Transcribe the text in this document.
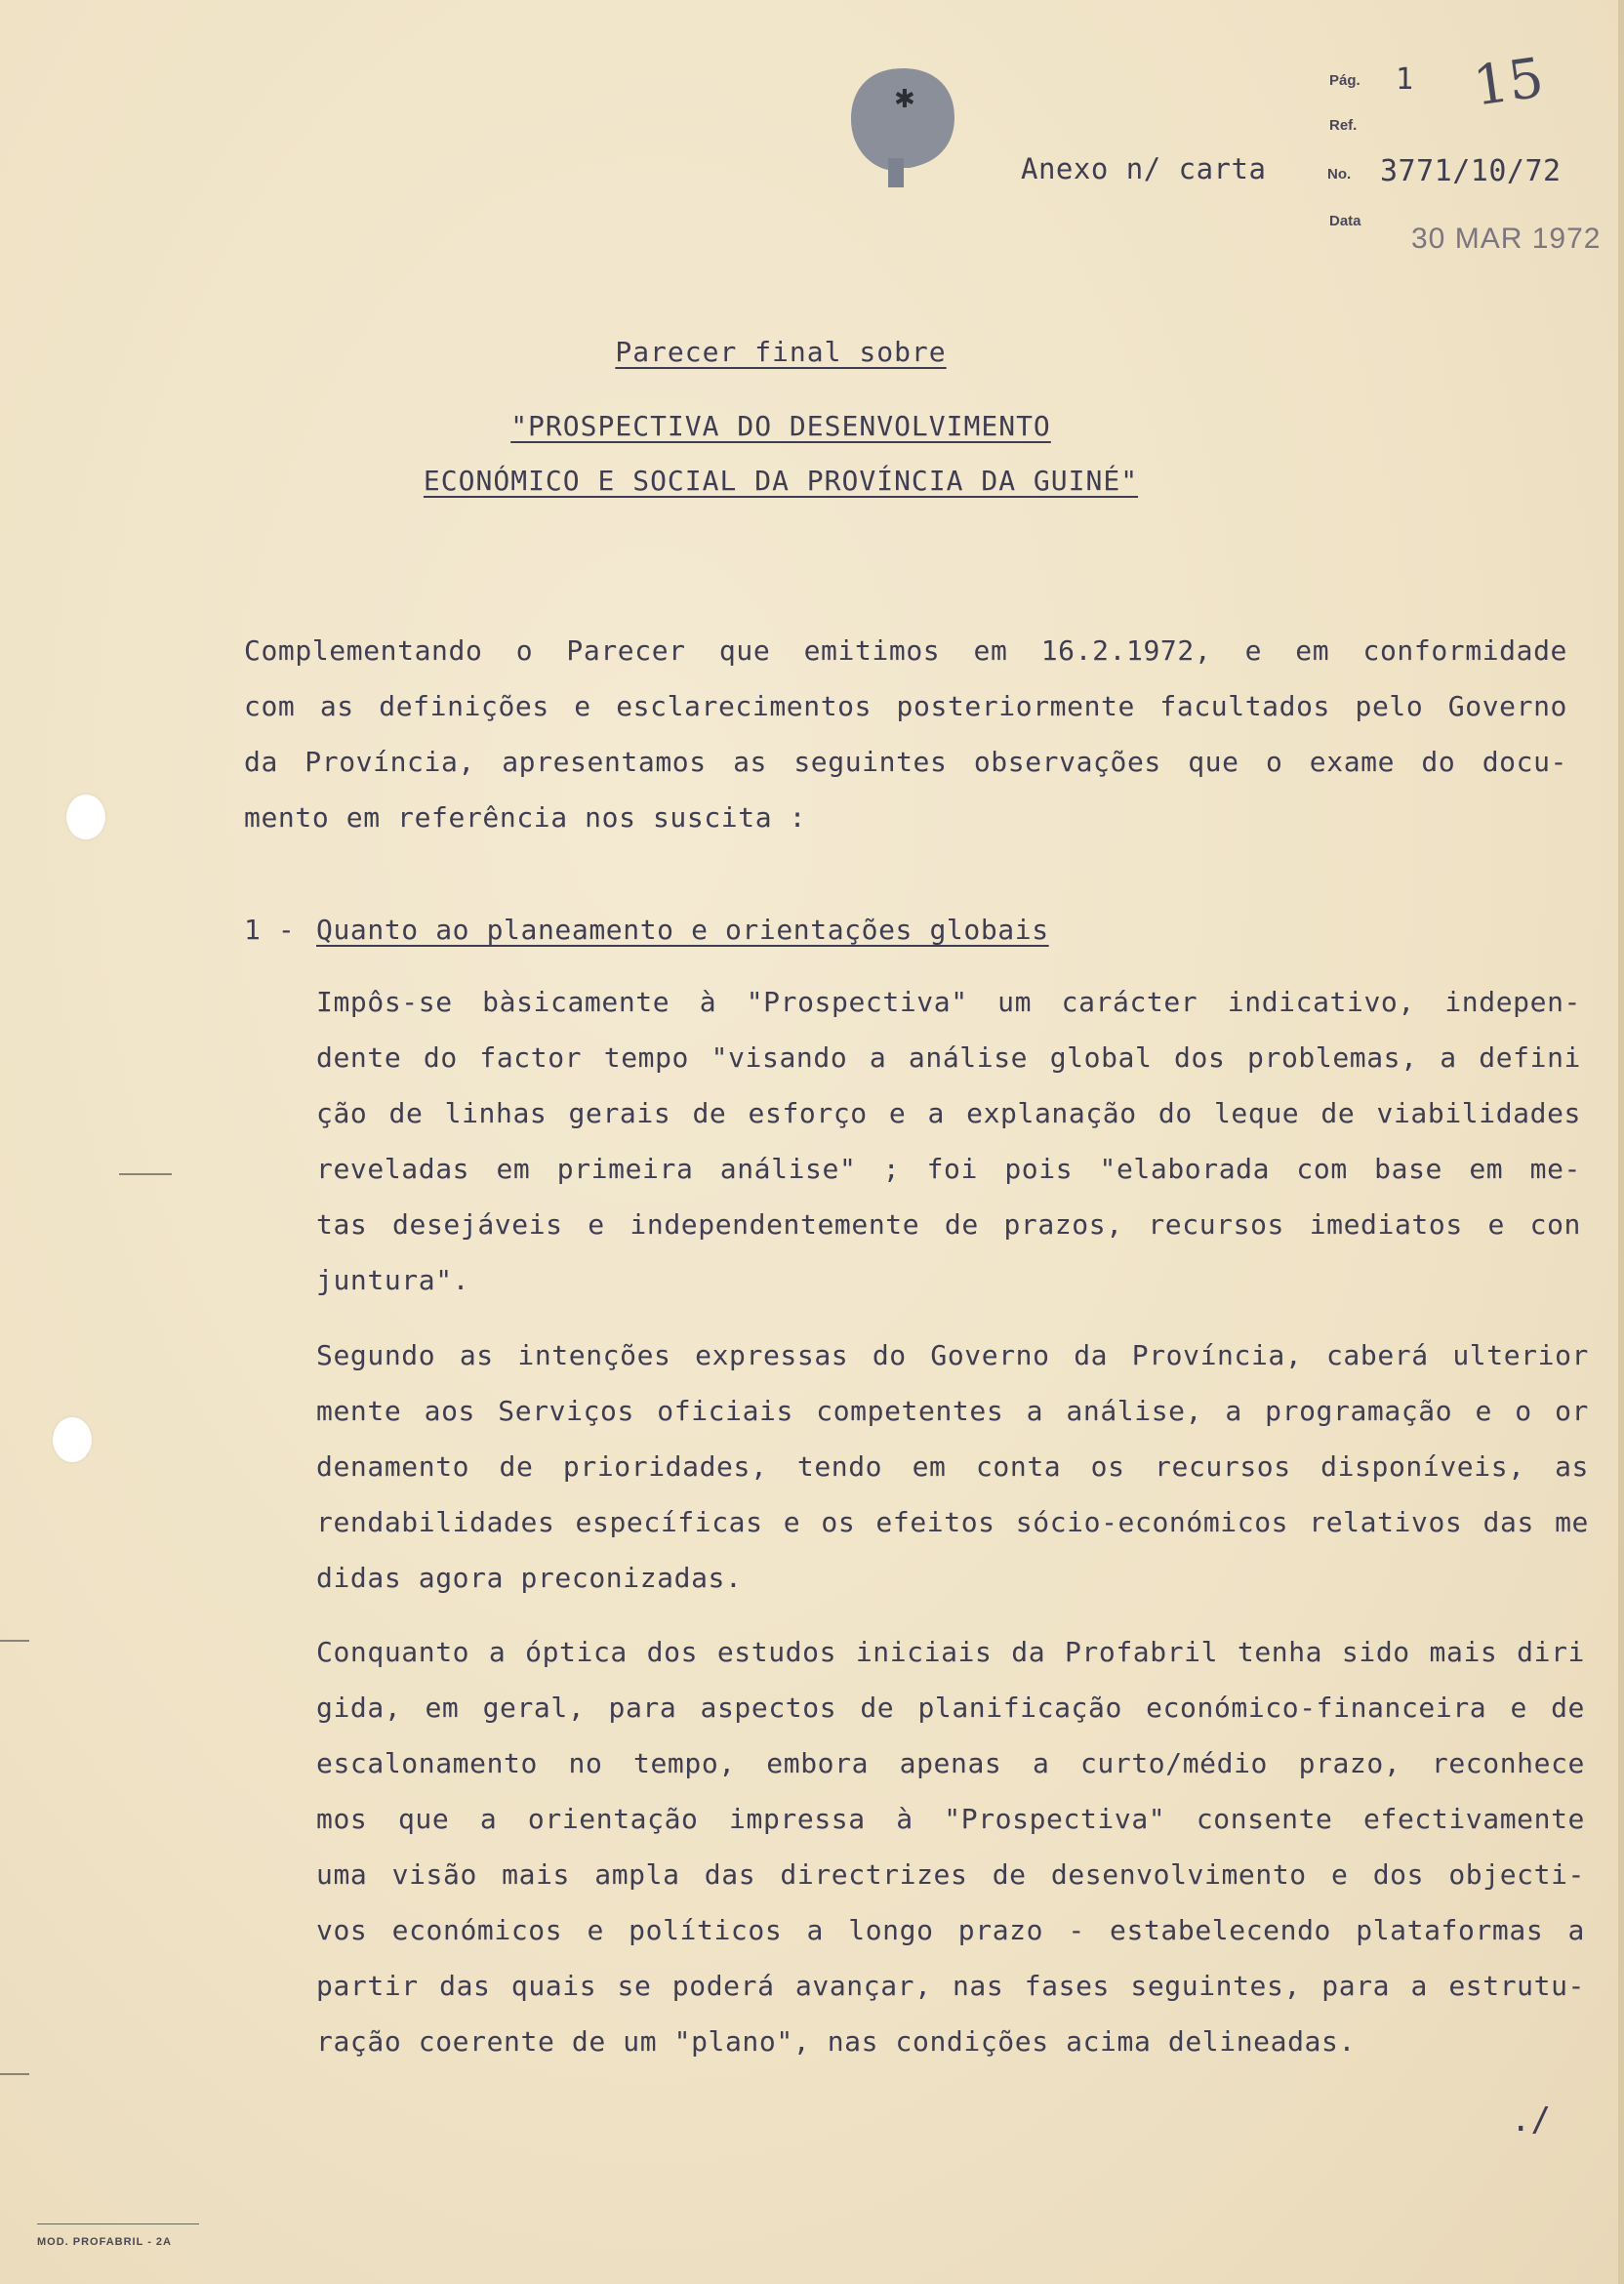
✱
Anexo n/ carta
Pág. 1
Ref.
No. 3771/10/72
Data
30 MAR 1972
15
Parecer final sobre
"PROSPECTIVA DO DESENVOLVIMENTO
ECONÓMICO E SOCIAL DA PROVÍNCIA DA GUINÉ"
Complementando o Parecer que emitimos em 16.2.1972, e em conformidade
com as definições e esclarecimentos posteriormente facultados pelo Governo
da Província, apresentamos as seguintes observações que o exame do docu-
mento em referência nos suscita :
1 - Quanto ao planeamento e orientações globais
Impôs-se bàsicamente à "Prospectiva" um carácter indicativo, indepen-
dente do factor tempo "visando a análise global dos problemas, a defini
ção de linhas gerais de esforço e a explanação do leque de viabilidades
reveladas em primeira análise" ; foi pois "elaborada com base em me-
tas desejáveis e independentemente de prazos, recursos imediatos e con
juntura".
Segundo as intenções expressas do Governo da Província, caberá ulterior
mente aos Serviços oficiais competentes a análise, a programação e o or
denamento de prioridades, tendo em conta os recursos disponíveis, as
rendabilidades específicas e os efeitos sócio-económicos relativos das me
didas agora preconizadas.
Conquanto a óptica dos estudos iniciais da Profabril tenha sido mais diri
gida, em geral, para aspectos de planificação económico-financeira e de
escalonamento no tempo, embora apenas a curto/médio prazo, reconhece
mos que a orientação impressa à "Prospectiva" consente efectivamente
uma visão mais ampla das directrizes de desenvolvimento e dos objecti-
vos económicos e políticos a longo prazo - estabelecendo plataformas a
partir das quais se poderá avançar, nas fases seguintes, para a estrutu-
ração coerente de um "plano", nas condições acima delineadas.
MOD. PROFABRIL - 2A
./
